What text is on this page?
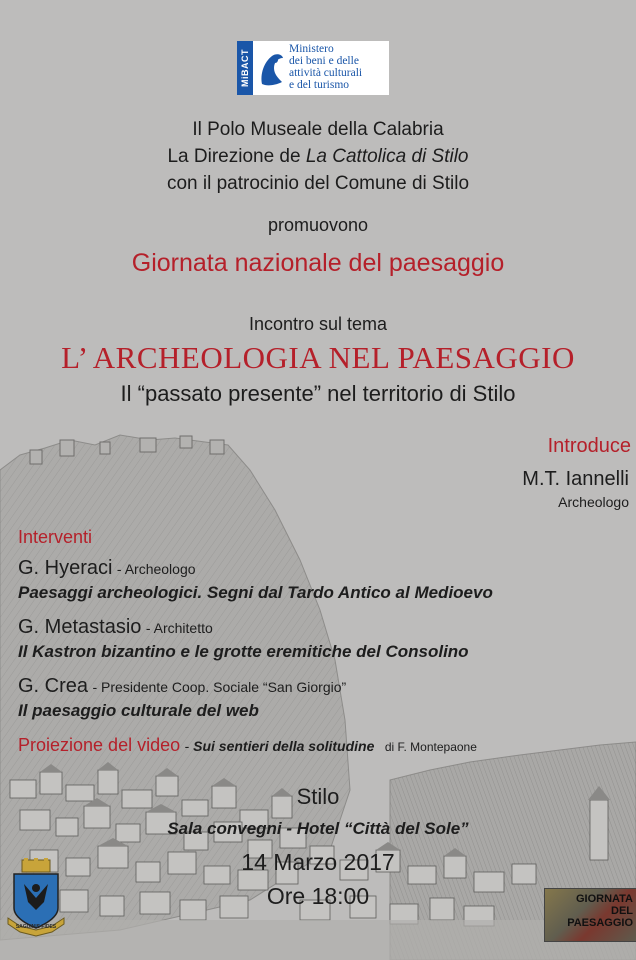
MiBACT	Ministero
dei beni e delle
attività culturali
e del turismo
Il Polo Museale della Calabria
La Direzione de La Cattolica di Stilo
con il patrocinio del Comune di Stilo
promuovono
Giornata nazionale del paesaggio
Incontro sul tema
L’ ARCHEOLOGIA NEL PAESAGGIO
Il “passato presente” nel territorio di Stilo
Introduce
M.T. Iannelli
Archeologo
Interventi
G. Hyeraci - Archeologo
Paesaggi archeologici. Segni dal Tardo Antico al Medioevo
G. Metastasio - Architetto
Il Kastron bizantino e le grotte eremitiche del Consolino
G. Crea - Presidente Coop. Sociale “San Giorgio”
Il paesaggio culturale del web
Proiezione del video - Sui sentieri della solitudine di F. Montepaone
Stilo
Sala convegni - Hotel “Città del Sole”
14 Marzo 2017
Ore 18:00
SAGUINIS FIDES
GIORNATA
DEL
PAESAGGIO
